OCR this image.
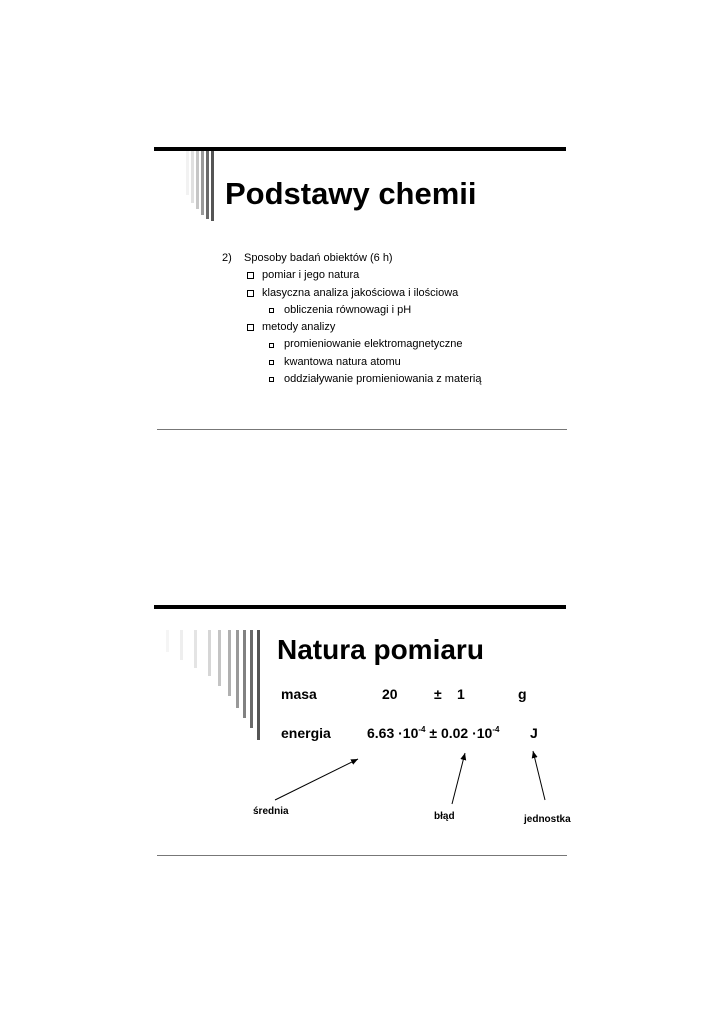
Podstawy chemii
2)	Sposoby badań obiektów (6 h)
pomiar i jego natura
klasyczna analiza jakościowa i ilościowa
obliczenia równowagi i pH
metody analizy
promieniowanie elektromagnetyczne
kwantowa natura atomu
oddziaływanie promieniowania z materią
Natura pomiaru
masa	20	± 1	g
energia	$6.63 \cdot 10^{-4} \pm 0.02 \cdot 10^{-4}$ J
średnia	błąd	jednostka
